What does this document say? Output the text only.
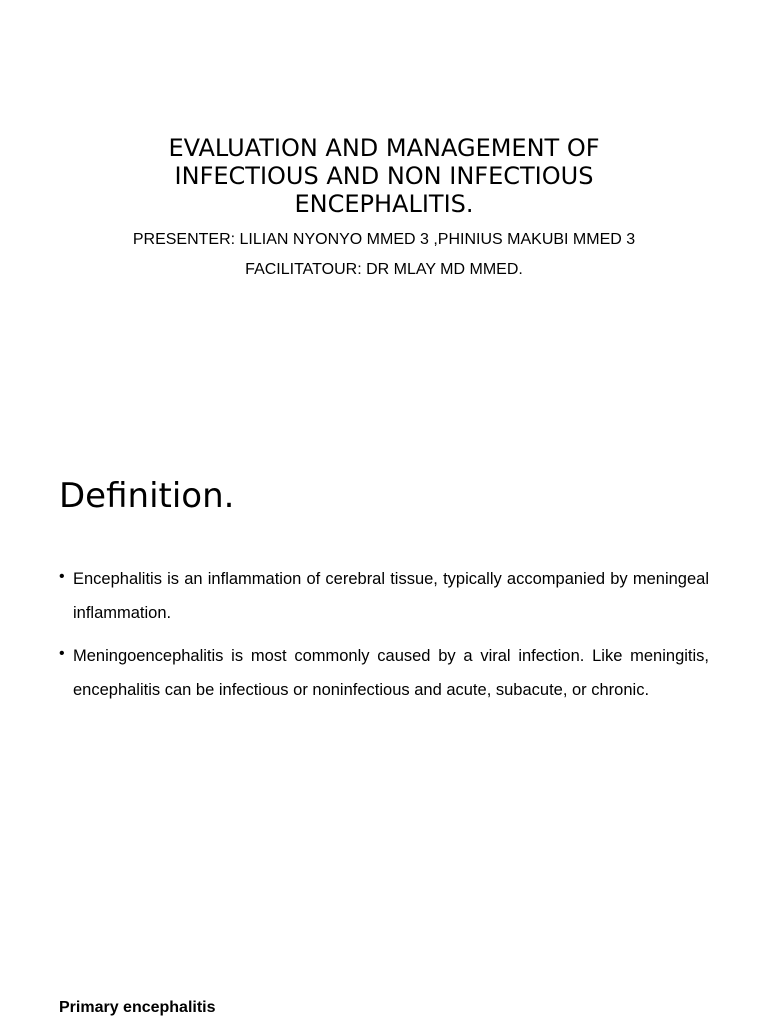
EVALUATION AND MANAGEMENT OF INFECTIOUS AND NON INFECTIOUS ENCEPHALITIS.

PRESENTER: LILIAN NYONYO MMED 3 ,PHINIUS MAKUBI MMED 3

FACILITATOUR: DR MLAY MD MMED.

Definition.
• Encephalitis is an inflammation of cerebral tissue, typically accompanied by meningeal inflammation.
• Meningoencephalitis is most commonly caused by a viral infection. Like meningitis, encephalitis can be infectious or noninfectious and acute, subacute, or chronic.

Primary encephalitis
